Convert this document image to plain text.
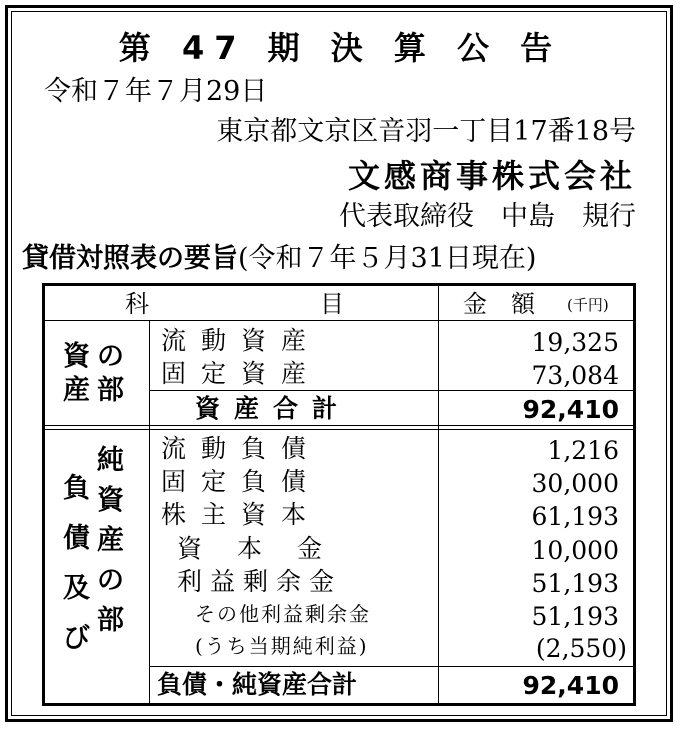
第 47 期 決 算 公 告
令和７年７月29日
東京都文京区音羽一丁目17番18号
文感商事株式会社
代表取締役　中島　規行
貸借対照表の要旨(令和７年５月31日現在)
科	目	金　額 (千円)
資産
の部
負債及び
純資産の部
流動資産	19,325
固定資産	73,084
資産合計	92,410
流動負債	1,216
固定負債	30,000
株主資本	61,193
資　本　金	10,000
利益剰余金	51,193
その他利益剰余金	51,193
(うち当期純利益)	(2,550)
負債・純資産合計	92,410
